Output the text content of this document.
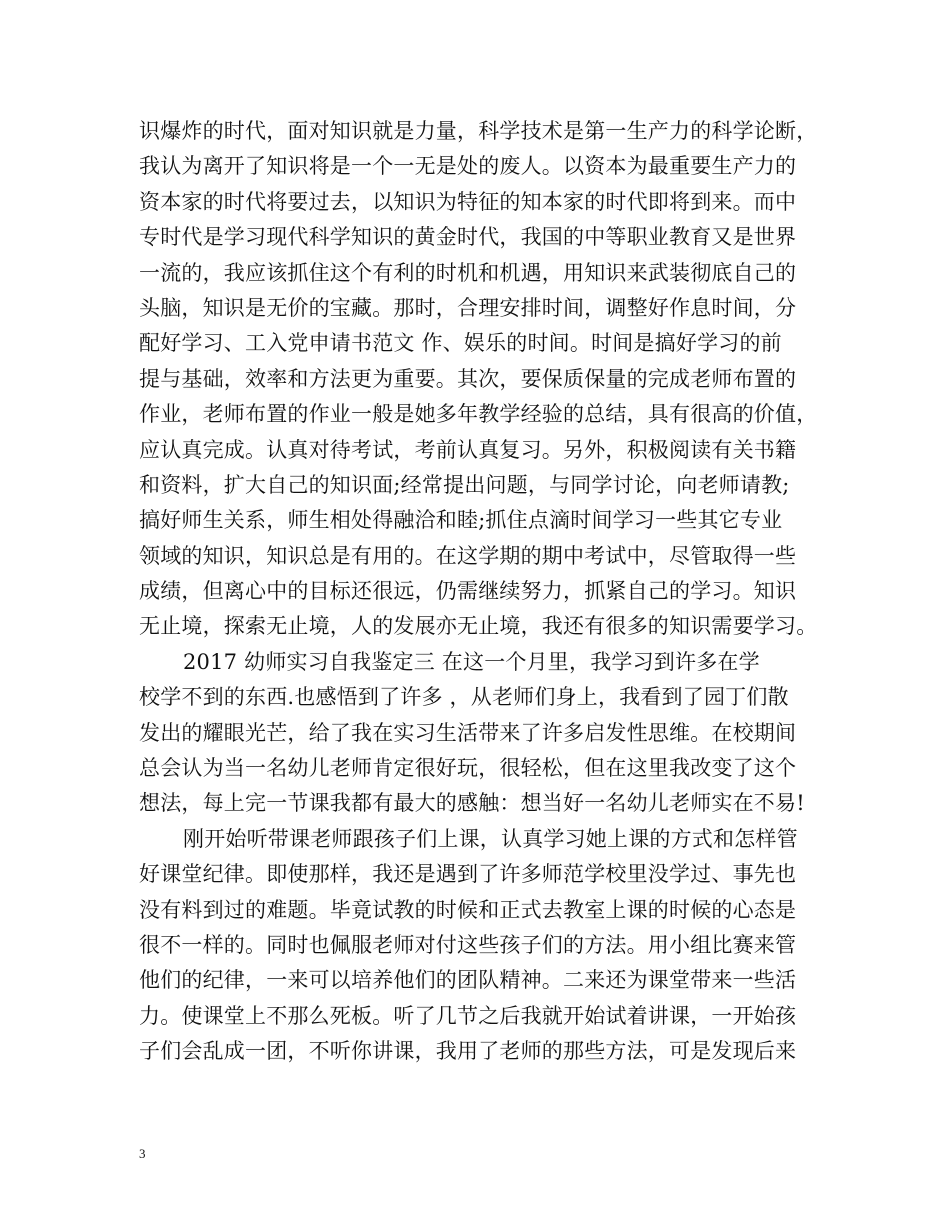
识爆炸的时代，面对知识就是力量，科学技术是第一生产力的科学论断，
我认为离开了知识将是一个一无是处的废人。以资本为最重要生产力的
资本家的时代将要过去，以知识为特征的知本家的时代即将到来。而中
专时代是学习现代科学知识的黄金时代，我国的中等职业教育又是世界
一流的，我应该抓住这个有利的时机和机遇，用知识来武装彻底自己的
头脑，知识是无价的宝藏。那时，合理安排时间，调整好作息时间，分
配好学习、工入党申请书范文 作、娱乐的时间。时间是搞好学习的前
提与基础，效率和方法更为重要。其次，要保质保量的完成老师布置的
作业，老师布置的作业一般是她多年教学经验的总结，具有很高的价值，
应认真完成。认真对待考试，考前认真复习。另外，积极阅读有关书籍
和资料，扩大自己的知识面;经常提出问题，与同学讨论，向老师请教;
搞好师生关系，师生相处得融洽和睦;抓住点滴时间学习一些其它专业
领域的知识，知识总是有用的。在这学期的期中考试中，尽管取得一些
成绩，但离心中的目标还很远，仍需继续努力，抓紧自己的学习。知识
无止境，探索无止境，人的发展亦无止境，我还有很多的知识需要学习。
2017 幼师实习自我鉴定三 在这一个月里，我学习到许多在学
校学不到的东西.也感悟到了许多 ，从老师们身上，我看到了园丁们散
发出的耀眼光芒，给了我在实习生活带来了许多启发性思维。在校期间
总会认为当一名幼儿老师肯定很好玩，很轻松，但在这里我改变了这个
想法，每上完一节课我都有最大的感触：想当好一名幼儿老师实在不易!
刚开始听带课老师跟孩子们上课，认真学习她上课的方式和怎样管
好课堂纪律。即使那样，我还是遇到了许多师范学校里没学过、事先也
没有料到过的难题。毕竟试教的时候和正式去教室上课的时候的心态是
很不一样的。同时也佩服老师对付这些孩子们的方法。用小组比赛来管
他们的纪律，一来可以培养他们的团队精神。二来还为课堂带来一些活
力。使课堂上不那么死板。听了几节之后我就开始试着讲课，一开始孩
子们会乱成一团，不听你讲课，我用了老师的那些方法，可是发现后来
3
